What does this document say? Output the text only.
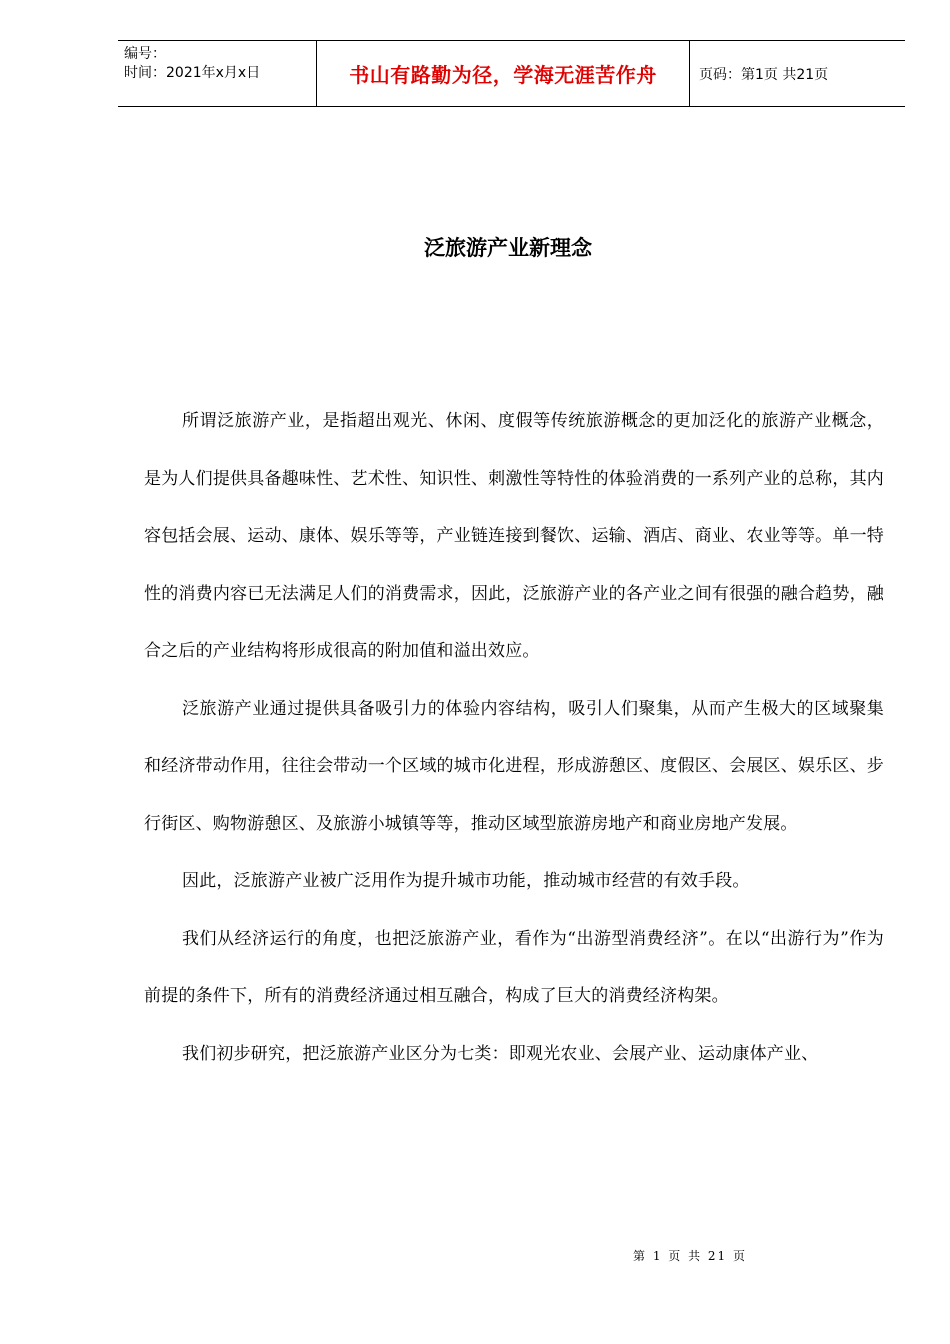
编号：
时间：2021年x月x日	书山有路勤为径，学海无涯苦作舟	页码：第1页 共21页
泛旅游产业新理念

所谓泛旅游产业，是指超出观光、休闲、度假等传统旅游概念的更加泛化的旅游产业概念，是为人们提供具备趣味性、艺术性、知识性、刺激性等特性的体验消费的一系列产业的总称，其内容包括会展、运动、康体、娱乐等等，产业链连接到餐饮、运输、酒店、商业、农业等等。单一特性的消费内容已无法满足人们的消费需求，因此，泛旅游产业的各产业之间有很强的融合趋势，融合之后的产业结构将形成很高的附加值和溢出效应。

泛旅游产业通过提供具备吸引力的体验内容结构，吸引人们聚集，从而产生极大的区域聚集和经济带动作用，往往会带动一个区域的城市化进程，形成游憩区、度假区、会展区、娱乐区、步行街区、购物游憩区、及旅游小城镇等等，推动区域型旅游房地产和商业房地产发展。

因此，泛旅游产业被广泛用作为提升城市功能，推动城市经营的有效手段。

我们从经济运行的角度，也把泛旅游产业，看作为“出游型消费经济”。在以“出游行为”作为前提的条件下，所有的消费经济通过相互融合，构成了巨大的消费经济构架。

我们初步研究，把泛旅游产业区分为七类：即观光农业、会展产业、运动康体产业、

第 1 页 共 21 页
